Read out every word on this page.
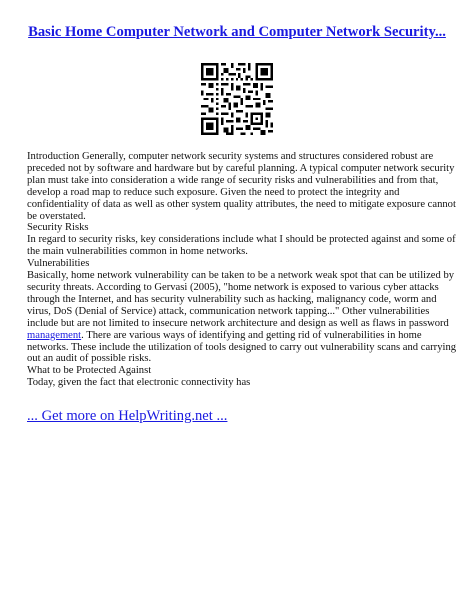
Basic Home Computer Network and Computer Network Security...

Introduction Generally, computer network security systems and structures considered robust are preceded not by software and hardware but by careful planning. A typical computer network security plan must take into consideration a wide range of security risks and vulnerabilities and from that, develop a road map to reduce such exposure. Given the need to protect the integrity and confidentiality of data as well as other system quality attributes, the need to mitigate exposure cannot be overstated.

Security Risks

In regard to security risks, key considerations include what I should be protected against and some of the main vulnerabilities common in home networks.

Vulnerabilities

Basically, home network vulnerability can be taken to be a network weak spot that can be utilized by security threats. According to Gervasi (2005), "home network is exposed to various cyber attacks through the Internet, and has security vulnerability such as hacking, malignancy code, worm and virus, DoS (Denial of Service) attack, communication network tapping..." Other vulnerabilities include but are not limited to insecure network architecture and design as well as flaws in password management. There are various ways of identifying and getting rid of vulnerabilities in home networks. These include the utilization of tools designed to carry out vulnerability scans and carrying out an audit of possible risks.

What to be Protected Against

Today, given the fact that electronic connectivity has

... Get more on HelpWriting.net ...
